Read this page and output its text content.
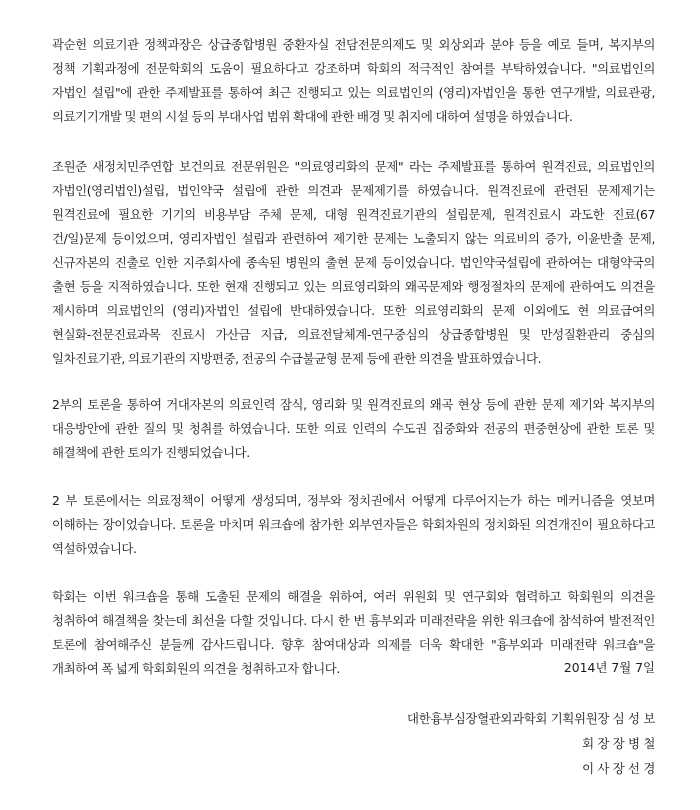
곽순헌 의료기관 정책과장은 상급종합병원 중환자실 전담전문의제도 및 외상외과 분야 등을 예로 들며, 복지부의
정책 기획과정에 전문학회의 도움이 필요하다고 강조하며 학회의 적극적인 참여를 부탁하였습니다. "의료법인의
자법인 설립"에 관한 주제발표를 통하여 최근 진행되고 있는 의료법인의 (영리)자법인을 통한 연구개발, 의료관광,
의료기기개발 및 편의 시설 등의 부대사업 범위 확대에 관한 배경 및 취지에 대하여 설명을 하였습니다.

조원준 새정치민주연합 보건의료 전문위원은 "의료영리화의 문제" 라는 주제발표를 통하여 원격진료, 의료법인의
자법인(영리법인)설립, 법인약국 설립에 관한 의견과 문제제기를 하였습니다. 원격진료에 관련된 문제제기는
원격진료에 필요한 기기의 비용부담 주체 문제, 대형 원격진료기관의 설립문제, 원격진료시 과도한 진료(67
건/일)문제 등이었으며, 영리자법인 설립과 관련하여 제기한 문제는 노출되지 않는 의료비의 증가, 이윤반출 문제,
신규자본의 진출로 인한 지주회사에 종속된 병원의 출현 문제 등이었습니다. 법인약국설립에 관하여는 대형약국의
출현 등을 지적하였습니다. 또한 현재 진행되고 있는 의료영리화의 왜곡문제와 행정절차의 문제에 관하여도 의견을
제시하며 의료법인의 (영리)자법인 설립에 반대하였습니다. 또한 의료영리화의 문제 이외에도 현 의료급여의
현실화-전문진료과목 진료시 가산금 지급, 의료전달체계-연구중심의 상급종합병원 및 만성질환관리 중심의
일차진료기관, 의료기관의 지방편중, 전공의 수급불균형 문제 등에 관한 의견을 발표하였습니다.

2부의 토론을 통하여 거대자본의 의료인력 잠식, 영리화 및 원격진료의 왜곡 현상 등에 관한 문제 제기와 복지부의
대응방안에 관한 질의 및 청취를 하였습니다. 또한 의료 인력의 수도권 집중화와 전공의 편중현상에 관한 토론 및
해결책에 관한 토의가 진행되었습니다.

2 부 토론에서는 의료정책이 어떻게 생성되며, 정부와 정치권에서 어떻게 다루어지는가 하는 메커니즘을 엿보며
이해하는 장이었습니다. 토론을 마치며 워크숍에 참가한 외부연자들은 학회차원의 정치화된 의견개진이 필요하다고
역설하였습니다.

학회는 이번 워크숍을 통해 도출된 문제의 해결을 위하여, 여러 위원회 및 연구회와 협력하고 학회원의 의견을
청취하여 해결책을 찾는데 최선을 다할 것입니다. 다시 한 번 흉부외과 미래전략을 위한 워크숍에 참석하여 발전적인
토론에 참여해주신 분들께 감사드립니다. 향후 참여대상과 의제를 더욱 확대한 "흉부외과 미래전략 워크숍"을
개최하여 폭 넓게 학회회원의 의견을 청취하고자 합니다.	2014년 7월 7일
대한흉부심장혈관외과학회 기획위원장 심 성 보
회 장 장 병 철
이 사 장 선 경
